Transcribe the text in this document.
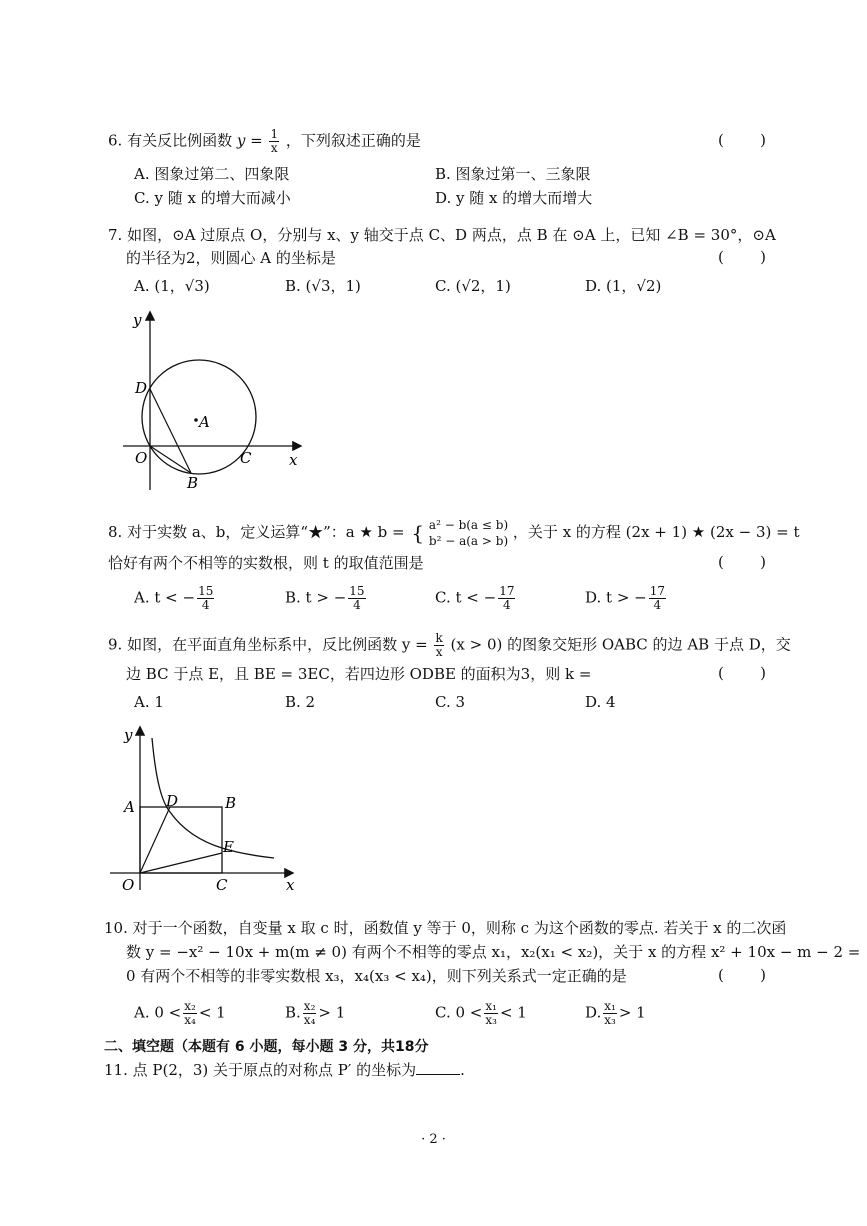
6. 有关反比例函数 $y = \frac{1}{x}$ ，下列叙述正确的是	( )
A. 图象过第二、四象限	B. 图象过第一、三象限
C. y 随 x 的增大而减小	D. y 随 x 的增大而增大
7. 如图，⊙A 过原点 O，分别与 x、y 轴交于点 C、D 两点，点 B 在 ⊙A 上，已知 ∠B = 30°，⊙A
的半径为2，则圆心 A 的坐标是	( )
A. (1，√3)	B. (√3，1)	C. (√2，1)	D. (1，√2)
y
D
A
O	C
B
x
8. 对于实数 a、b，定义运算“★”：a ★ b = { a² − b(a ≤ b)
b² − a(a > b) ，关于 x 的方程 (2x + 1) ★ (2x − 3) = t
恰好有两个不相等的实数根，则 t 的取值范围是	( )
A. t < − $\frac{15}{4}$	B. t > − $\frac{15}{4}$	C. t < − $\frac{17}{4}$	D. t > − $\frac{17}{4}$
9. 如图，在平面直角坐标系中，反比例函数 $y = \frac{k}{x} (x > 0)$ 的图象交矩形 OABC 的边 AB 于点 D，交
边 BC 于点 E，且 BE = 3EC，若四边形 ODBE 的面积为3，则 k =	( )
A. 1	B. 2	C. 3	D. 4
y
A D	B
E
O	C	x
10. 对于一个函数，自变量 x 取 c 时，函数值 y 等于 0，则称 c 为这个函数的零点. 若关于 x 的二次函
数 y = −x² − 10x + m(m ≠ 0) 有两个不相等的零点 x₁，x₂(x₁ < x₂)，关于 x 的方程 x² + 10x − m − 2 =
0 有两个不相等的非零实数根 x₃，x₄(x₃ < x₄)，则下列关系式一定正确的是	( )
A. $0 < \frac{\text{x₂}}{\text{x₄}} < 1$	B. $\frac{\text{x₂}}{\text{x₄}} > 1$	C. $0 < \frac{\text{x₁}}{\text{x₃}} < 1$	D. $\frac{\text{x₁}}{\text{x₃}} > 1$
二、填空题（本题有 6 小题，每小题 3 分，共18分
11. 点 P(2，3) 关于原点的对称点 P′ 的坐标为	.
· 2 ·
